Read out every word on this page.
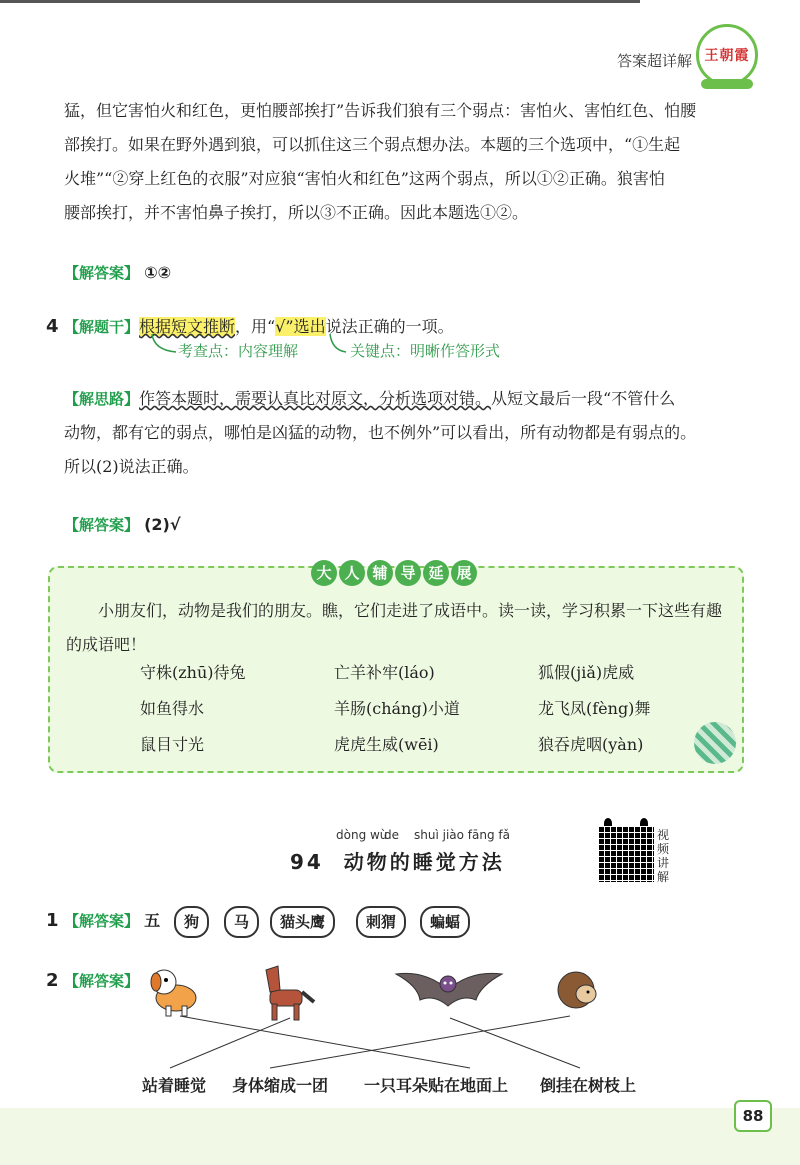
答案超详解 王朝霞
猛，但它害怕火和红色，更怕腰部挨打”告诉我们狼有三个弱点：害怕火、害怕红色、怕腰
部挨打。如果在野外遇到狼，可以抓住这三个弱点想办法。本题的三个选项中，“①生起
火堆”“②穿上红色的衣服”对应狼“害怕火和红色”这两个弱点，所以①②正确。狼害怕
腰部挨打，并不害怕鼻子挨打，所以③不正确。因此本题选①②。
【解答案】 ①②
4 【解题干】根据短文推断，用“√”选出说法正确的一项。
考查点：内容理解	关键点：明晰作答形式
【解思路】作答本题时，需要认真比对原文，分析选项对错。从短文最后一段“不管什么
动物，都有它的弱点，哪怕是凶猛的动物，也不例外”可以看出，所有动物都是有弱点的。
所以(2)说法正确。
【解答案】 (2)√
大 人 辅 导 延 展
小朋友们，动物是我们的朋友。瞧，它们走进了成语中。读一读，学习积累一下这些有趣的成语吧！
守株(zhū)待兔	亡羊补牢(láo)	狐假(jiǎ)虎威
如鱼得水	羊肠(cháng)小道	龙飞凤(fèng)舞
鼠目寸光	虎虎生威(wēi)	狼吞虎咽(yàn)
dòng wù
de shuì jiào fāng fǎ
94 动物的睡觉方法
视
频
讲
解
1 【解答案】 五	狗	马	猫头鹰	刺猬	蝙蝠
2 【解答案】
站着睡觉 身体缩成一团 一只耳朵贴在地面上 倒挂在树枝上
88
